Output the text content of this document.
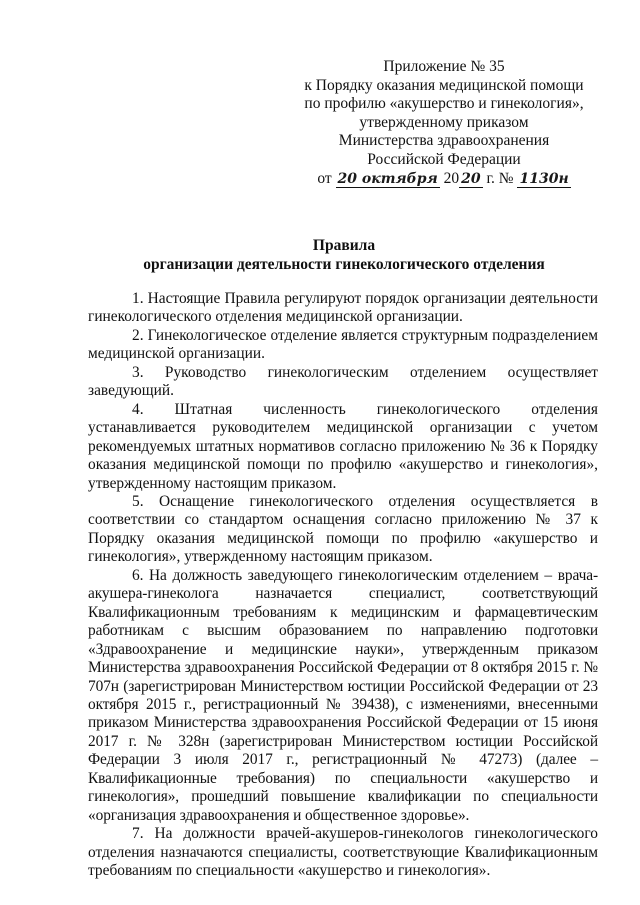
Приложение № 35
к Порядку оказания медицинской помощи
по профилю «акушерство и гинекология»,
утвержденному приказом
Министерства здравоохранения
Российской Федерации
от 20 октября 20 20 г. № 1130н
Правила
организации деятельности гинекологического отделения

1. Настоящие Правила регулируют порядок организации деятельности гинекологического отделения медицинской организации.

2. Гинекологическое отделение является структурным подразделением медицинской организации.

3. Руководство гинекологическим отделением осуществляет заведующий.

4. Штатная численность гинекологического отделения устанавливается руководителем медицинской организации с учетом рекомендуемых штатных нормативов согласно приложению № 36 к Порядку оказания медицинской помощи по профилю «акушерство и гинекология», утвержденному настоящим приказом.

5. Оснащение гинекологического отделения осуществляется в соответствии со стандартом оснащения согласно приложению № 37 к Порядку оказания медицинской помощи по профилю «акушерство и гинекология», утвержденному настоящим приказом.

6. На должность заведующего гинекологическим отделением – врача-акушера-гинеколога назначается специалист, соответствующий Квалификационным требованиям к медицинским и фармацевтическим работникам с высшим образованием по направлению подготовки «Здравоохранение и медицинские науки», утвержденным приказом Министерства здравоохранения Российской Федерации от 8 октября 2015 г. № 707н (зарегистрирован Министерством юстиции Российской Федерации от 23 октября 2015 г., регистрационный № 39438), с изменениями, внесенными приказом Министерства здравоохранения Российской Федерации от 15 июня 2017 г. № 328н (зарегистрирован Министерством юстиции Российской Федерации 3 июля 2017 г., регистрационный № 47273) (далее – Квалификационные требования) по специальности «акушерство и гинекология», прошедший повышение квалификации по специальности «организация здравоохранения и общественное здоровье».

7. На должности врачей-акушеров-гинекологов гинекологического отделения назначаются специалисты, соответствующие Квалификационным требованиям по специальности «акушерство и гинекология».
